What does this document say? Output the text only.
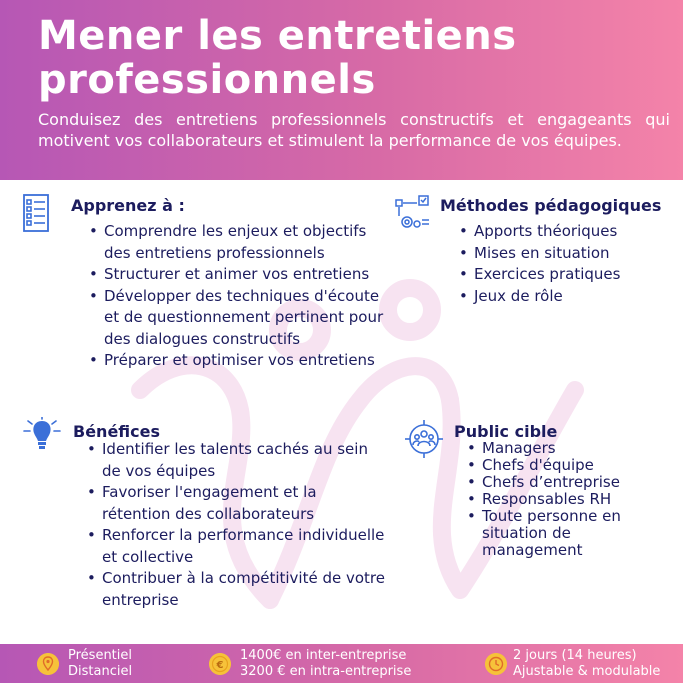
Mener les entretiens professionnels
Conduisez des entretiens professionnels constructifs et engageants qui motivent vos collaborateurs et stimulent la performance de vos équipes.
Apprenez à :
• Comprendre les enjeux et objectifs des entretiens professionnels
• Structurer et animer vos entretiens
• Développer des techniques d'écoute et de questionnement pertinent pour des dialogues constructifs
• Préparer et optimiser vos entretiens
Méthodes pédagogiques
• Apports théoriques
• Mises en situation
• Exercices pratiques
• Jeux de rôle
Bénéfices
• Identifier les talents cachés au sein de vos équipes
• Favoriser l'engagement et la rétention des collaborateurs
• Renforcer la performance individuelle et collective
• Contribuer à la compétitivité de votre entreprise
Public cible
• Managers
• Chefs d'équipe
• Chefs d’entreprise
• Responsables RH
• Toute personne en situation de management
Présentiel
Distanciel	€
1400€ en inter-entreprise
3200 € en intra-entreprise
2 jours (14 heures)
Ajustable & modulable
